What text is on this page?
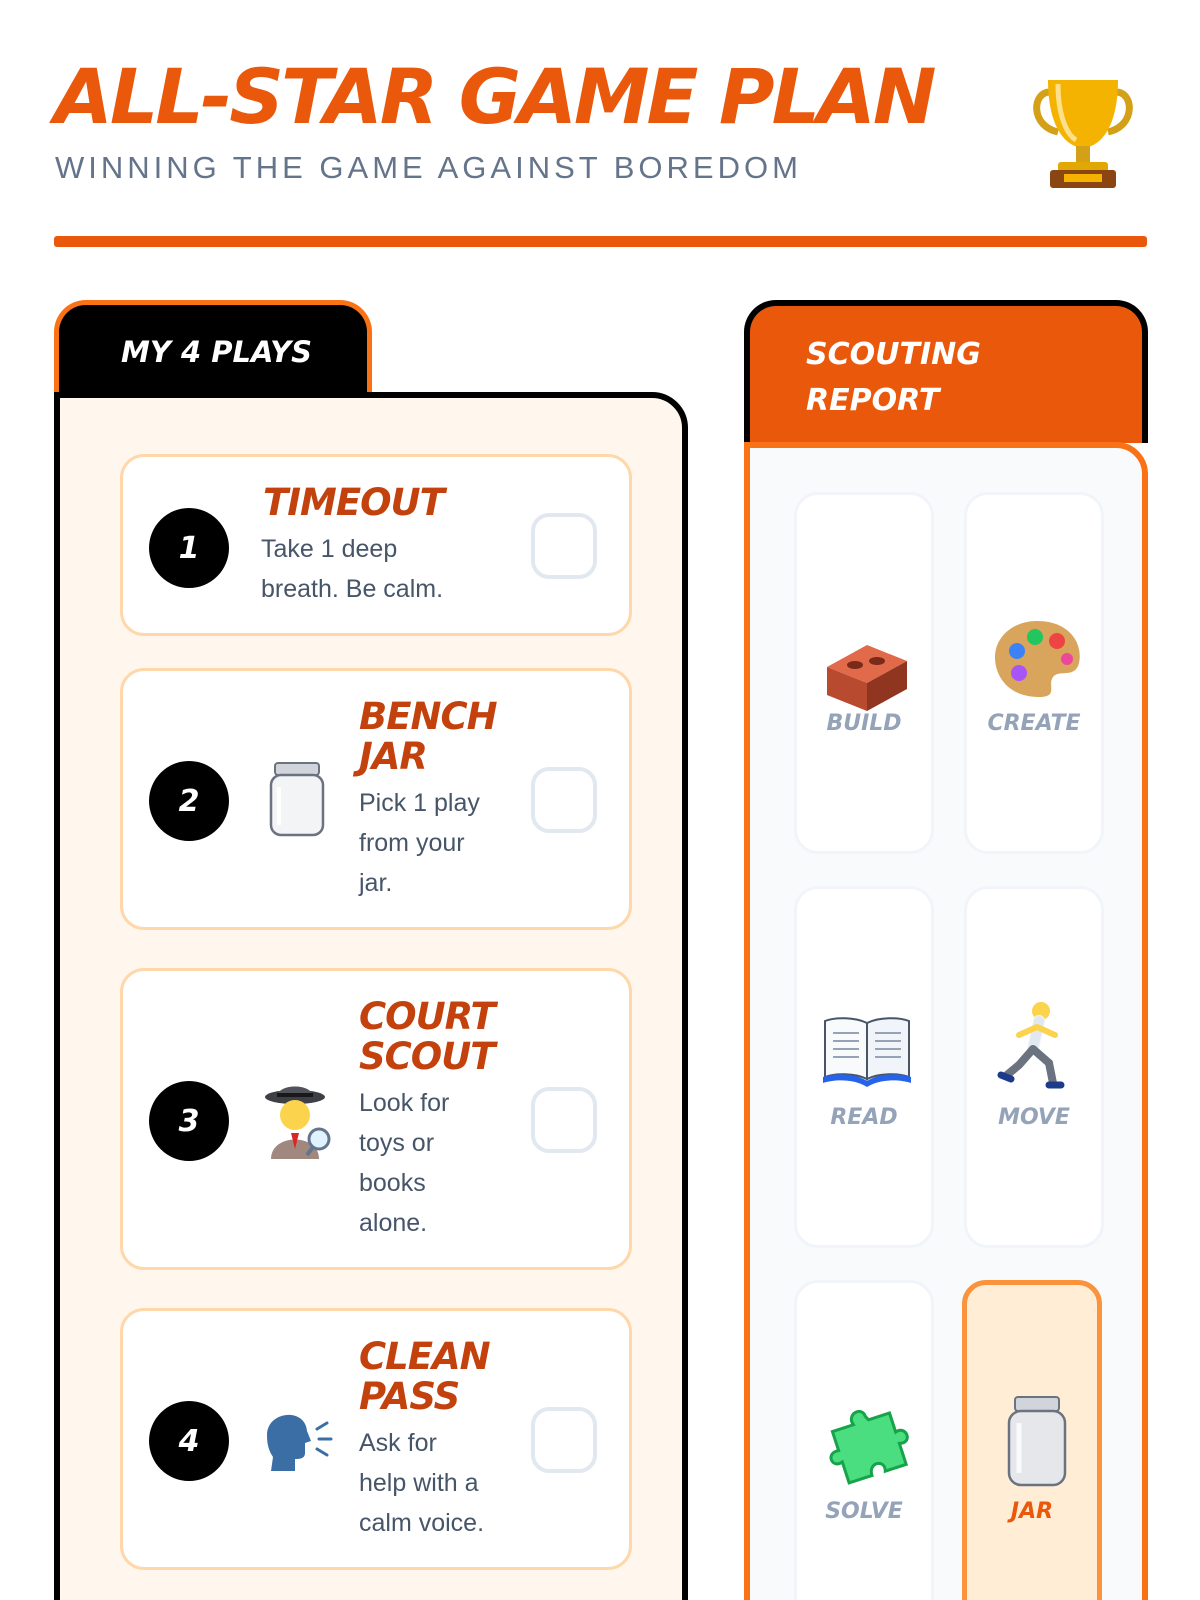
ALL-STAR GAME PLAN
WINNING THE GAME AGAINST BOREDOM
MY 4 PLAYS
1
TIMEOUT
Take 1 deep
breath. Be calm.
2
BENCH
JAR
Pick 1 play
from your
jar.
3
COURT
SCOUT
Look for
toys or
books
alone.
4
CLEAN
PASS
Ask for
help with a
calm voice.
SCOUTING
REPORT
BUILD	CREATE
READ	MOVE
SOLVE	JAR
